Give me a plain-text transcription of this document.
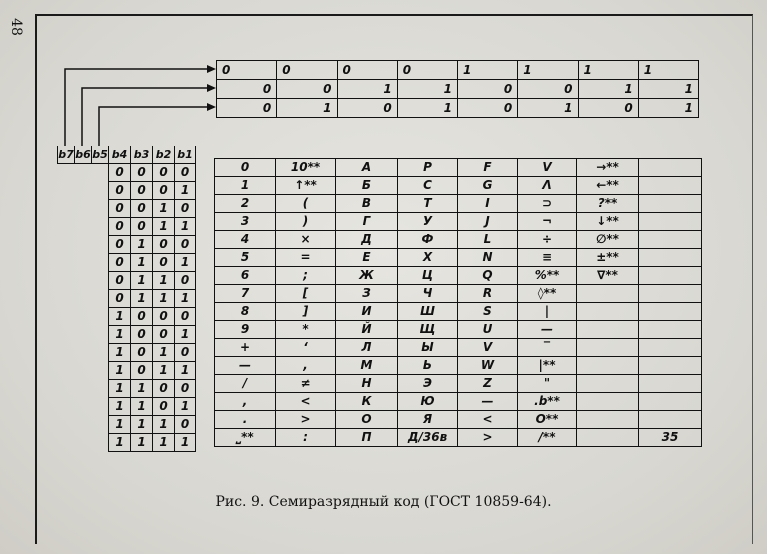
48
0	0	0	0	1	1	1	1
0	0	1	1	0	0	1	1
0	1	0	1	0	1	0	1
b7	b6	b5	b4	b3	b2	b1
			0	0	0	0
			0	0	0	1
			0	0	1	0
			0	0	1	1
			0	1	0	0
			0	1	0	1
			0	1	1	0
			0	1	1	1
			1	0	0	0
			1	0	0	1
			1	0	1	0
			1	0	1	1
			1	1	0	0
			1	1	0	1
			1	1	1	0
			1	1	1	1
0	10**	А	Р	F	V	→**	
1	↑**	Б	С	G	Λ	←**	
2	(	В	Т	I	⊃	?**	
3	)	Г	У	J	¬	↓**	
4	×	Д	Ф	L	÷	∅**	
5	=	Е	Х	N	≡	±**	
6	;	Ж	Ц	Q	%**	∇**	
7	[	З	Ч	R	◊**		
8	]	И	Ш	S	|		
9	*	Й	Щ	U	—		
+	‘	Л	Ы	V	‾		
—	,	М	Ь	W	|**		
/	≠	Н	Э	Z	"		
,	<	К	Ю	—	.b**		
.	>	О	Я	<	О**		
⎵**	:	П	Д/36в	>	/**		35
Рис. 9. Семиразрядный код (ГОСТ 10859-64).
